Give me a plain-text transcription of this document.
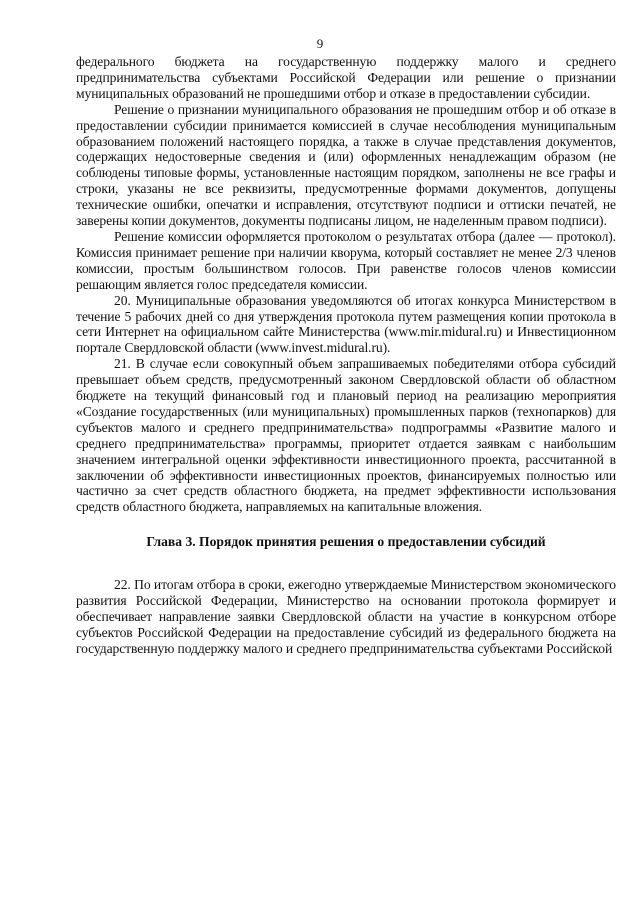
9

федерального бюджета на государственную поддержку малого и среднего предпринимательства субъектами Российской Федерации или решение о признании муниципальных образований не прошедшими отбор и отказе в предоставлении субсидии.

Решение о признании муниципального образования не прошедшим отбор и об отказе в предоставлении субсидии принимается комиссией в случае несоблюдения муниципальным образованием положений настоящего порядка, а также в случае представления документов, содержащих недостоверные сведения и (или) оформленных ненадлежащим образом (не соблюдены типовые формы, установленные настоящим порядком, заполнены не все графы и строки, указаны не все реквизиты, предусмотренные формами документов, допущены технические ошибки, опечатки и исправления, отсутствуют подписи и оттиски печатей, не заверены копии документов, документы подписаны лицом, не наделенным правом подписи).

Решение комиссии оформляется протоколом о результатах отбора (далее — протокол). Комиссия принимает решение при наличии кворума, который составляет не менее 2/3 членов комиссии, простым большинством голосов. При равенстве голосов членов комиссии решающим является голос председателя комиссии.

20. Муниципальные образования уведомляются об итогах конкурса Министерством в течение 5 рабочих дней со дня утверждения протокола путем размещения копии протокола в сети Интернет на официальном сайте Министерства (www.mir.midural.ru) и Инвестиционном портале Свердловской области (www.invest.midural.ru).

21. В случае если совокупный объем запрашиваемых победителями отбора субсидий превышает объем средств, предусмотренный законом Свердловской области об областном бюджете на текущий финансовый год и плановый период на реализацию мероприятия «Создание государственных (или муниципальных) промышленных парков (технопарков) для субъектов малого и среднего предпринимательства» подпрограммы «Развитие малого и среднего предпринимательства» программы, приоритет отдается заявкам с наибольшим значением интегральной оценки эффективности инвестиционного проекта, рассчитанной в заключении об эффективности инвестиционных проектов, финансируемых полностью или частично за счет средств областного бюджета, на предмет эффективности использования средств областного бюджета, направляемых на капитальные вложения.

Глава 3. Порядок принятия решения о предоставлении субсидий

22. По итогам отбора в сроки, ежегодно утверждаемые Министерством экономического развития Российской Федерации, Министерство на основании протокола формирует и обеспечивает направление заявки Свердловской области на участие в конкурсном отборе субъектов Российской Федерации на предоставление субсидий из федерального бюджета на государственную поддержку малого и среднего предпринимательства субъектами Российской
